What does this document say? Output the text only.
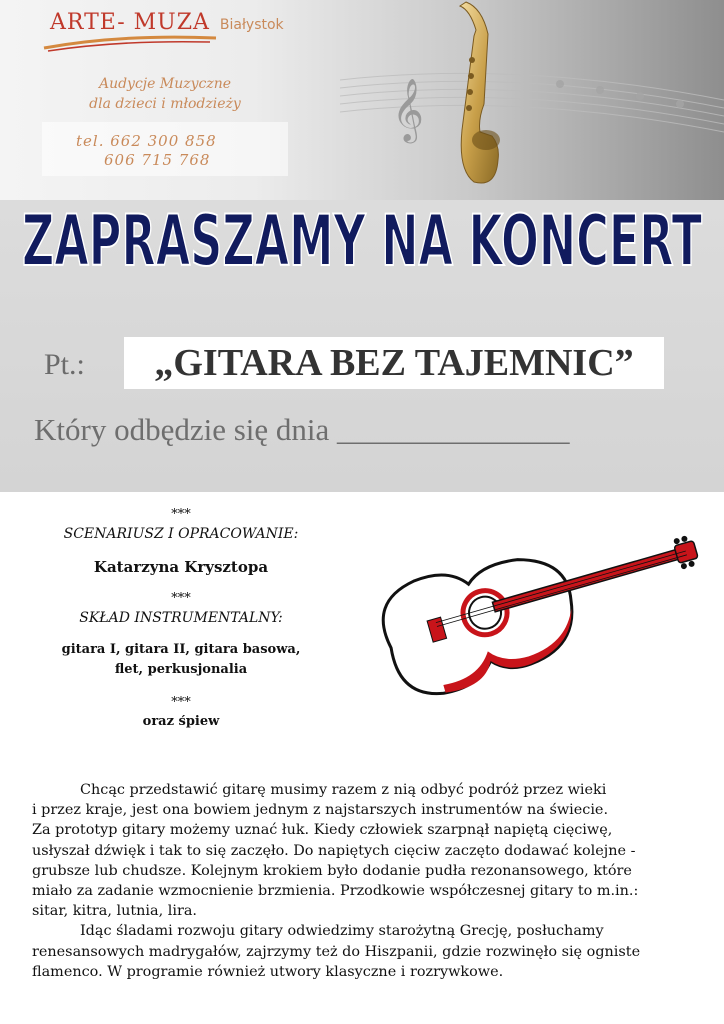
𝄞
ARTE- MUZA Białystok
Audycje Muzyczne
dla dzieci i młodzieży
tel. 662 300 858
606 715 768
ZAPRASZAMY NA KONCERT
Pt.:	„GITARA BEZ TAJEMNIC”
Który odbędzie się dnia _______________

***

SCENARIUSZ I OPRACOWANIE:

Katarzyna Krysztopa

***

SKŁAD INSTRUMENTALNY:

gitara I, gitara II, gitara basowa,

flet, perkusjonalia

***

oraz śpiew

Chcąc przedstawić gitarę musimy razem z nią odbyć podróż przez wieki

i przez kraje, jest ona bowiem jednym z najstarszych instrumentów na świecie.

Za prototyp gitary możemy uznać łuk. Kiedy człowiek szarpnął napiętą cięciwę,

usłyszał dźwięk i tak to się zaczęło. Do napiętych cięciw zaczęto dodawać kolejne -

grubsze lub chudsze. Kolejnym krokiem było dodanie pudła rezonansowego, które

miało za zadanie wzmocnienie brzmienia. Przodkowie współczesnej gitary to m.in.:

sitar, kitra, lutnia, lira.

Idąc śladami rozwoju gitary odwiedzimy starożytną Grecję, posłuchamy

renesansowych madrygałów, zajrzymy też do Hiszpanii, gdzie rozwinęło się ogniste

flamenco. W programie również utwory klasyczne i rozrywkowe.
